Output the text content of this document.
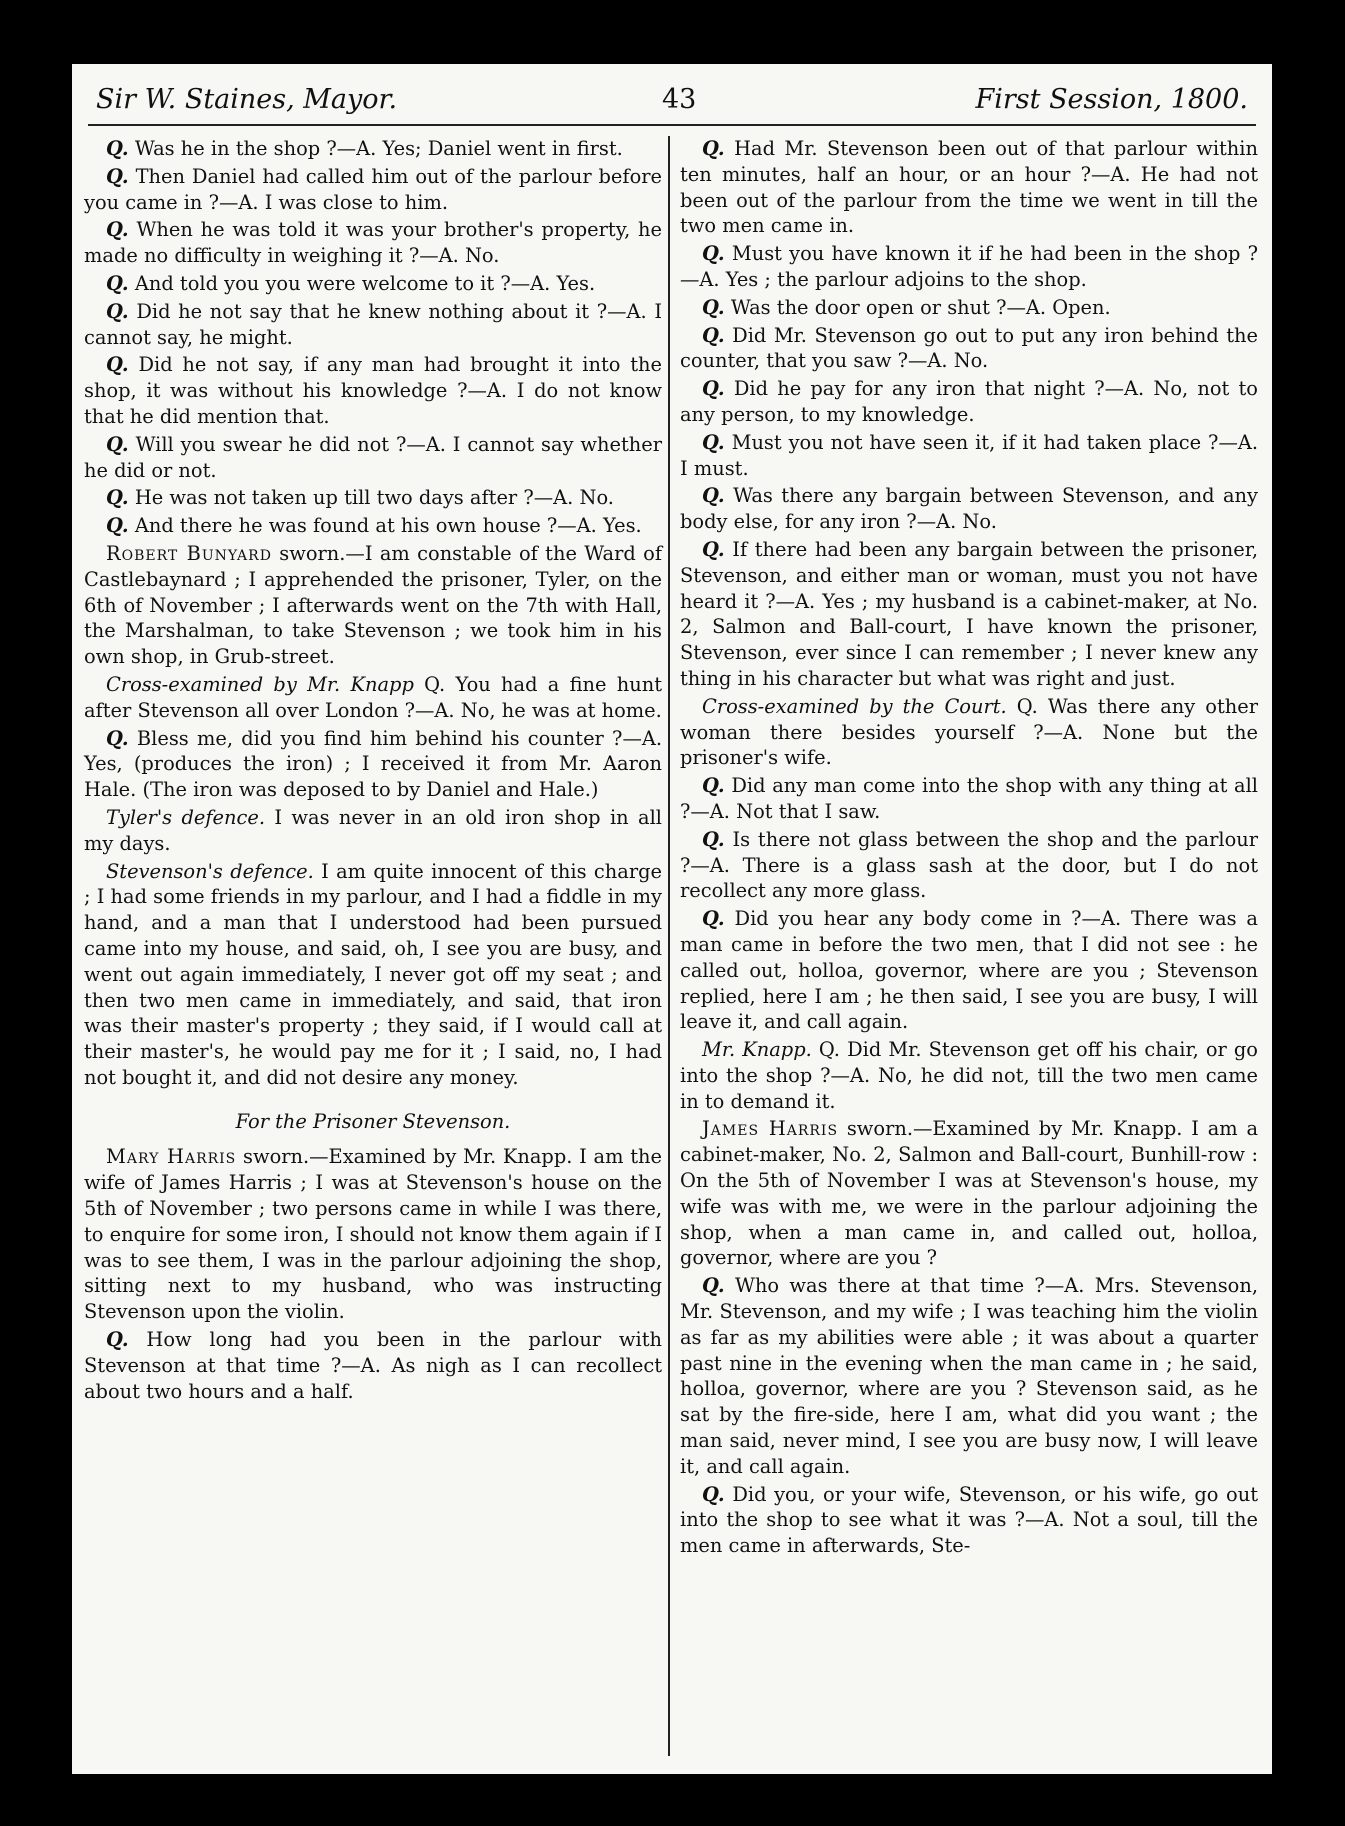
Sir W. Staines, Mayor.	43	First Session, 1800.

Q. Was he in the shop ?—A. Yes; Daniel went in first.

Q. Then Daniel had called him out of the parlour before you came in ?—A. I was close to him.

Q. When he was told it was your brother's property, he made no difficulty in weighing it ?—A. No.

Q. And told you you were welcome to it ?—A. Yes.

Q. Did he not say that he knew nothing about it ?—A. I cannot say, he might.

Q. Did he not say, if any man had brought it into the shop, it was without his knowledge ?—A. I do not know that he did mention that.

Q. Will you swear he did not ?—A. I cannot say whether he did or not.

Q. He was not taken up till two days after ?—A. No.

Q. And there he was found at his own house ?—A. Yes.

Robert Bunyard sworn.—I am constable of the Ward of Castlebaynard ; I apprehended the prisoner, Tyler, on the 6th of November ; I afterwards went on the 7th with Hall, the Marshalman, to take Stevenson ; we took him in his own shop, in Grub-street.

Cross-examined by Mr. Knapp Q. You had a fine hunt after Stevenson all over London ?—A. No, he was at home.

Q. Bless me, did you find him behind his counter ?—A. Yes, (produces the iron) ; I received it from Mr. Aaron Hale. (The iron was deposed to by Daniel and Hale.)

Tyler's defence. I was never in an old iron shop in all my days.

Stevenson's defence. I am quite innocent of this charge ; I had some friends in my parlour, and I had a fiddle in my hand, and a man that I understood had been pursued came into my house, and said, oh, I see you are busy, and went out again immediately, I never got off my seat ; and then two men came in immediately, and said, that iron was their master's property ; they said, if I would call at their master's, he would pay me for it ; I said, no, I had not bought it, and did not desire any money.

For the Prisoner Stevenson.

Mary Harris sworn.—Examined by Mr. Knapp. I am the wife of James Harris ; I was at Stevenson's house on the 5th of November ; two persons came in while I was there, to enquire for some iron, I should not know them again if I was to see them, I was in the parlour adjoining the shop, sitting next to my husband, who was instructing Stevenson upon the violin.

Q. How long had you been in the parlour with Stevenson at that time ?—A. As nigh as I can recollect about two hours and a half.

Q. Had Mr. Stevenson been out of that parlour within ten minutes, half an hour, or an hour ?—A. He had not been out of the parlour from the time we went in till the two men came in.

Q. Must you have known it if he had been in the shop ?—A. Yes ; the parlour adjoins to the shop.

Q. Was the door open or shut ?—A. Open.

Q. Did Mr. Stevenson go out to put any iron behind the counter, that you saw ?—A. No.

Q. Did he pay for any iron that night ?—A. No, not to any person, to my knowledge.

Q. Must you not have seen it, if it had taken place ?—A. I must.

Q. Was there any bargain between Stevenson, and any body else, for any iron ?—A. No.

Q. If there had been any bargain between the prisoner, Stevenson, and either man or woman, must you not have heard it ?—A. Yes ; my husband is a cabinet-maker, at No. 2, Salmon and Ball-court, I have known the prisoner, Stevenson, ever since I can remember ; I never knew any thing in his character but what was right and just.

Cross-examined by the Court. Q. Was there any other woman there besides yourself ?—A. None but the prisoner's wife.

Q. Did any man come into the shop with any thing at all ?—A. Not that I saw.

Q. Is there not glass between the shop and the parlour ?—A. There is a glass sash at the door, but I do not recollect any more glass.

Q. Did you hear any body come in ?—A. There was a man came in before the two men, that I did not see : he called out, holloa, governor, where are you ; Stevenson replied, here I am ; he then said, I see you are busy, I will leave it, and call again.

Mr. Knapp. Q. Did Mr. Stevenson get off his chair, or go into the shop ?—A. No, he did not, till the two men came in to demand it.

James Harris sworn.—Examined by Mr. Knapp. I am a cabinet-maker, No. 2, Salmon and Ball-court, Bunhill-row : On the 5th of November I was at Stevenson's house, my wife was with me, we were in the parlour adjoining the shop, when a man came in, and called out, holloa, governor, where are you ?

Q. Who was there at that time ?—A. Mrs. Stevenson, Mr. Stevenson, and my wife ; I was teaching him the violin as far as my abilities were able ; it was about a quarter past nine in the evening when the man came in ; he said, holloa, governor, where are you ? Stevenson said, as he sat by the fire-side, here I am, what did you want ; the man said, never mind, I see you are busy now, I will leave it, and call again.

Q. Did you, or your wife, Stevenson, or his wife, go out into the shop to see what it was ?—A. Not a soul, till the men came in afterwards, Ste-
